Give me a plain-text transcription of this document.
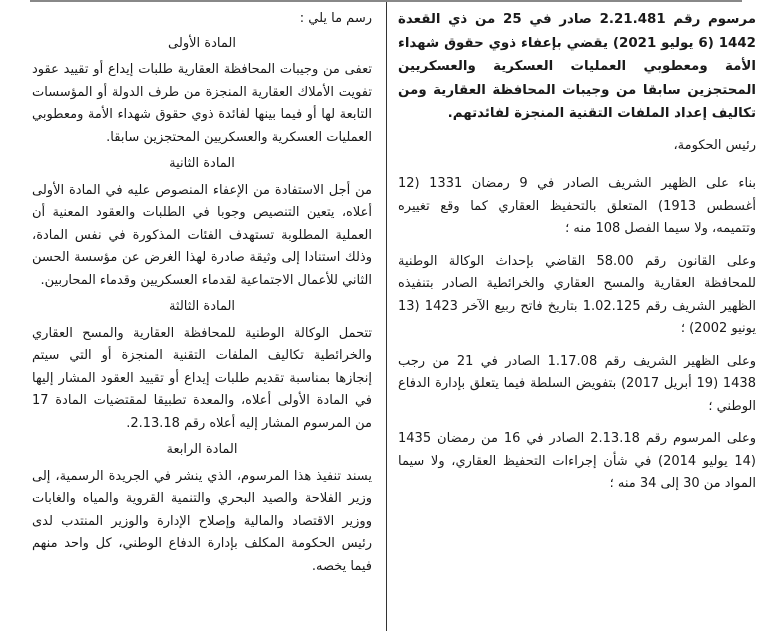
مرسوم رقم 2.21.481 صادر في 25 من ذي القعدة 1442 (6 يوليو 2021) يقضي بإعفاء ذوي حقوق شهداء الأمة ومعطوبي العمليات العسكرية والعسكريين المحتجزين سابقا من وجيبات المحافظة العقارية ومن تكاليف إعداد الملفات التقنية المنجزة لفائدتهم.

رئيس الحكومة،

بناء على الظهير الشريف الصادر في 9 رمضان 1331 (12 أغسطس 1913) المتعلق بالتحفيظ العقاري كما وقع تغييره وتتميمه، ولا سيما الفصل 108 منه ؛

وعلى القانون رقم 58.00 القاضي بإحداث الوكالة الوطنية للمحافظة العقارية والمسح العقاري والخرائطية الصادر بتنفيذه الظهير الشريف رقم 1.02.125 بتاريخ فاتح ربيع الآخر 1423 (13 يونيو 2002) ؛

وعلى الظهير الشريف رقم 1.17.08 الصادر في 21 من رجب 1438 (19 أبريل 2017) بتفويض السلطة فيما يتعلق بإدارة الدفاع الوطني ؛

وعلى المرسوم رقم 2.13.18 الصادر في 16 من رمضان 1435 (14 يوليو 2014) في شأن إجراءات التحفيظ العقاري، ولا سيما المواد من 30 إلى 34 منه ؛

رسم ما يلي :

المادة الأولى

تعفى من وجيبات المحافظة العقارية طلبات إيداع أو تقييد عقود تفويت الأملاك العقارية المنجزة من طرف الدولة أو المؤسسات التابعة لها أو فيما بينها لفائدة ذوي حقوق شهداء الأمة ومعطوبي العمليات العسكرية والعسكريين المحتجزين سابقا.

المادة الثانية

من أجل الاستفادة من الإعفاء المنصوص عليه في المادة الأولى أعلاه، يتعين التنصيص وجوبا في الطلبات والعقود المعنية أن العملية المطلوبة تستهدف الفئات المذكورة في نفس المادة، وذلك استنادا إلى وثيقة صادرة لهذا الغرض عن مؤسسة الحسن الثاني للأعمال الاجتماعية لقدماء العسكريين وقدماء المحاربين.

المادة الثالثة

تتحمل الوكالة الوطنية للمحافظة العقارية والمسح العقاري والخرائطية تكاليف الملفات التقنية المنجزة أو التي سيتم إنجازها بمناسبة تقديم طلبات إيداع أو تقييد العقود المشار إليها في المادة الأولى أعلاه، والمعدة تطبيقا لمقتضيات المادة 17 من المرسوم المشار إليه أعلاه رقم 2.13.18.

المادة الرابعة

يسند تنفيذ هذا المرسوم، الذي ينشر في الجريدة الرسمية، إلى وزير الفلاحة والصيد البحري والتنمية القروية والمياه والغابات ووزير الاقتصاد والمالية وإصلاح الإدارة والوزير المنتدب لدى رئيس الحكومة المكلف بإدارة الدفاع الوطني، كل واحد منهم فيما يخصه.
